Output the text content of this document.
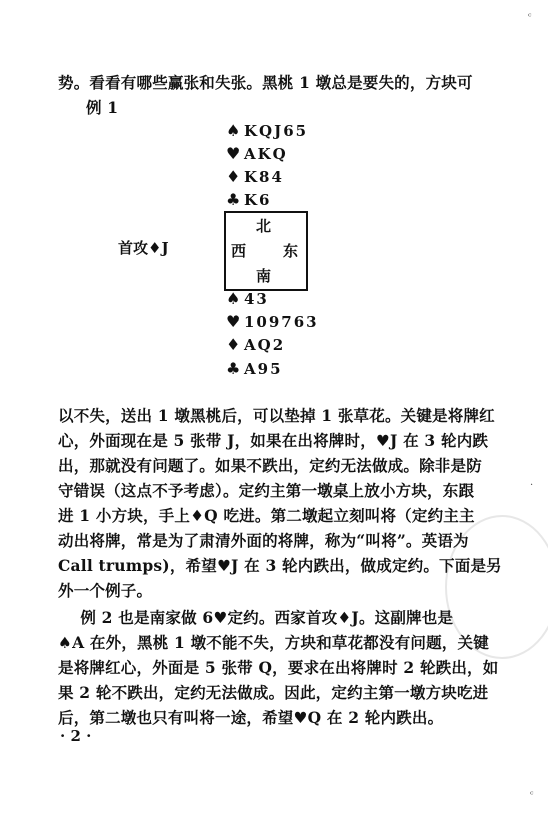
势。看看有哪些赢张和失张。黑桃 1 墩总是要失的，方块可
例 1
♠ KQJ65
♥ AKQ
♦ K84
♣ K6
北
西 东
南
首攻♦J
♠ 43
♥ 109763
♦ AQ2
♣ A95
以不失，送出 1 墩黑桃后，可以垫掉 1 张草花。关键是将牌红
心，外面现在是 5 张带 J，如果在出将牌时，♥J 在 3 轮内跌
出，那就没有问题了。如果不跌出，定约无法做成。除非是防
守错误（这点不予考虑）。定约主第一墩桌上放小方块，东跟
进 1 小方块，手上♦Q 吃进。第二墩起立刻叫将（定约主主
动出将牌，常是为了肃清外面的将牌，称为“叫将”。英语为
Call trumps)，希望♥J 在 3 轮内跌出，做成定约。下面是另
外一个例子。
例 2 也是南家做 6♥定约。西家首攻♦J。这副牌也是
♠A 在外，黑桃 1 墩不能不失，方块和草花都没有问题，关键
是将牌红心，外面是 5 张带 Q，要求在出将牌时 2 轮跌出，如
果 2 轮不跌出，定约无法做成。因此，定约主第一墩方块吃进
后，第二墩也只有叫将一途，希望♥Q 在 2 轮内跌出。
· 2 ·
ᶜ
·
ᶜ
